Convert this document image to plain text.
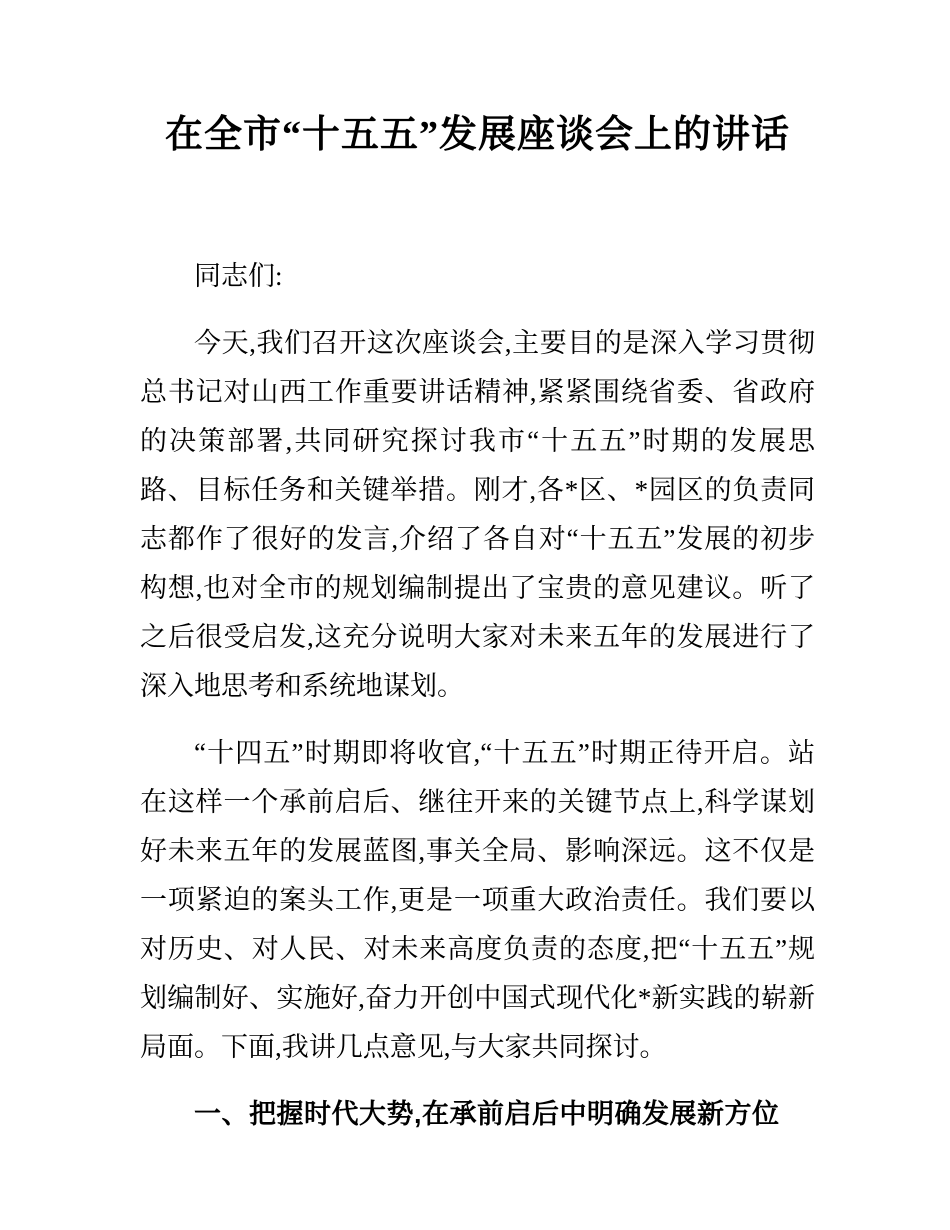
在全市“十五五”发展座谈会上的讲话

同志们:

今天,我们召开这次座谈会,主要目的是深入学习贯彻总书记对山西工作重要讲话精神,紧紧围绕省委、省政府的决策部署,共同研究探讨我市“十五五”时期的发展思路、目标任务和关键举措。刚才,各*区、*园区的负责同志都作了很好的发言,介绍了各自对“十五五”发展的初步构想,也对全市的规划编制提出了宝贵的意见建议。听了之后很受启发,这充分说明大家对未来五年的发展进行了深入地思考和系统地谋划。

“十四五”时期即将收官,“十五五”时期正待开启。站在这样一个承前启后、继往开来的关键节点上,科学谋划好未来五年的发展蓝图,事关全局、影响深远。这不仅是一项紧迫的案头工作,更是一项重大政治责任。我们要以对历史、对人民、对未来高度负责的态度,把“十五五”规划编制好、实施好,奋力开创中国式现代化*新实践的崭新局面。下面,我讲几点意见,与大家共同探讨。

一、把握时代大势,在承前启后中明确发展新方位
